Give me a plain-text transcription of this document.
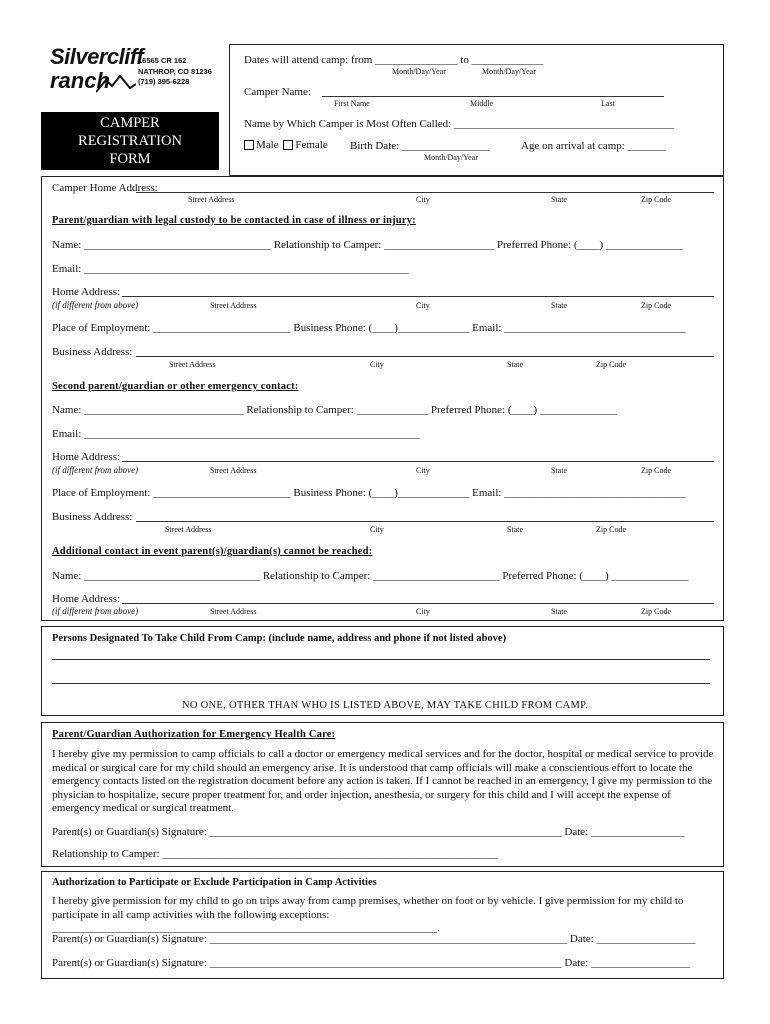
Silvercliff
ranch
16565 CR 162
NATHROP, CO 81236
(719) 395-6228
CAMPER
REGISTRATION
FORM
Dates will attend camp: from _______________ to _____________
Month/Day/Year	Month/Day/Year
Camper Name:
First Name	Middle	Last
Name by Which Camper is Most Often Called: ________________________________________
Male Female Birth Date: ________________
Month/Day/Year
Age on arrival at camp: _______
Camper Home Address:
Street Address	City	State	Zip Code
Parent/guardian with legal custody to be contacted in case of illness or injury:
Name: __________________________________ Relationship to Camper: ____________________ Preferred Phone: (____) ______________
Email: ___________________________________________________________
Home Address:
(if different from above)	Street Address	City	State	Zip Code
Place of Employment: _________________________ Business Phone: (____)_____________ Email: _________________________________
Business Address:
Street Address	City	State	Zip Code
Second parent/guardian or other emergency contact:
Name: _____________________________ Relationship to Camper: _____________ Preferred Phone: (____) ______________
Email: _____________________________________________________________
Home Address:
(if different from above)	Street Address	City	State	Zip Code
Place of Employment: _________________________ Business Phone: (____)_____________ Email: _________________________________
Business Address:
Street Address	City	State	Zip Code
Additional contact in event parent(s)/guardian(s) cannot be reached:
Name: ________________________________ Relationship to Camper: _______________________ Preferred Phone: (____) ______________
Home Address:
(if different from above)	Street Address	City	State	Zip Code
Persons Designated To Take Child From Camp: (include name, address and phone if not listed above)
NO ONE, OTHER THAN WHO IS LISTED ABOVE, MAY TAKE CHILD FROM CAMP.
Parent/Guardian Authorization for Emergency Health Care:

I hereby give my permission to camp officials to call a doctor or emergency medical services and for the doctor, hospital or medical service to provide medical or surgical care for my child should an emergency arise. It is understood that camp officials will make a conscientious effort to locate the emergency contacts listed on the registration document before any action is taken. If I cannot be reached in an emergency, I give my permission to the physician to hospitalize, secure proper treatment for, and order injection, anesthesia, or surgery for this child and I will accept the expense of emergency medical or surgical treatment.

Parent(s) or Guardian(s) Signature: ________________________________________________________________ Date: _________________
Relationship to Camper: _____________________________________________________________
Authorization to Participate or Exclude Participation in Camp Activities

I hereby give permission for my child to go on trips away from camp premises, whether on foot or by vehicle. I give permission for my child to participate in all camp activities with the following exceptions: ______________________________________________________________________.

Parent(s) or Guardian(s) Signature: _________________________________________________________________ Date: __________________
Parent(s) or Guardian(s) Signature: ________________________________________________________________ Date: __________________
